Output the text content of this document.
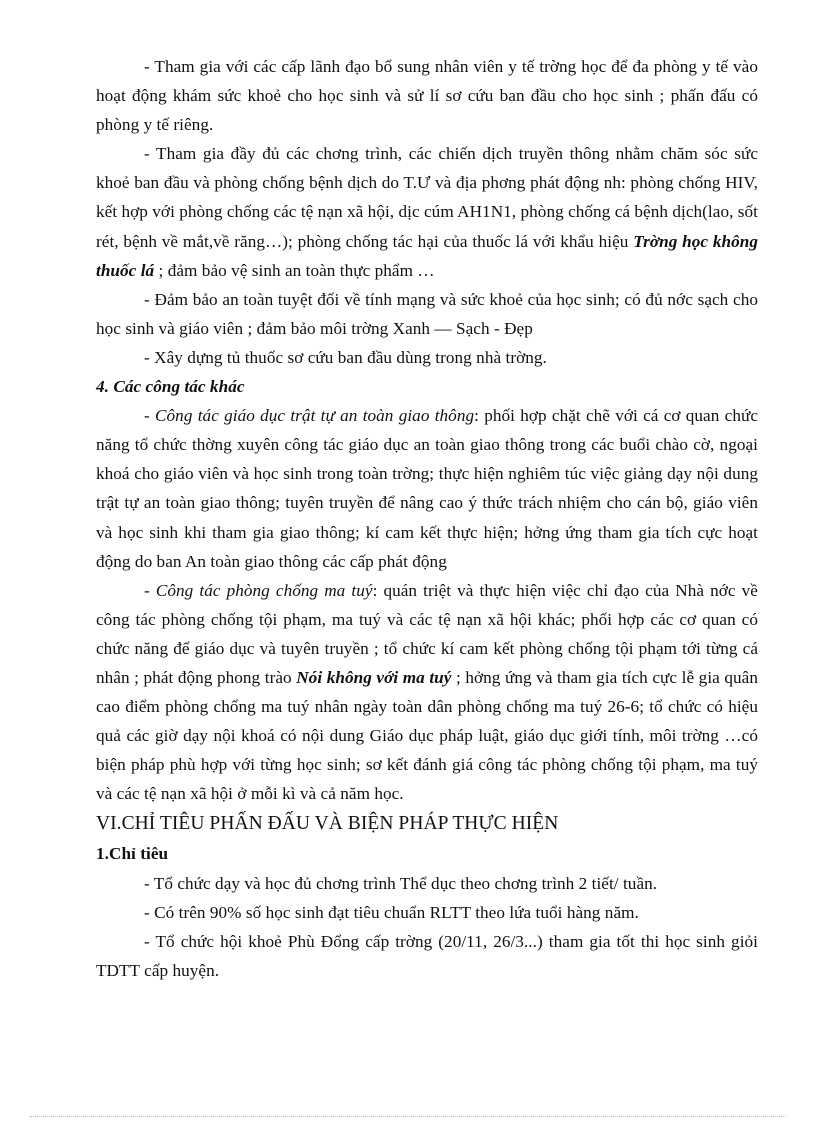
- Tham gia với các cấp lãnh đạo bổ sung nhân viên y tế trờng học để đa phòng y tế vào hoạt động khám sức khoẻ cho học sinh và sử lí sơ cứu ban đầu cho học sinh ; phấn đấu có phòng y tế riêng.

- Tham gia đầy đủ các chơng trình, các chiến dịch truyền thông nhằm chăm sóc sức khoẻ ban đầu và phòng chống bệnh dịch do T.Ư và địa phơng phát động nh: phòng chống HIV, kết hợp với phòng chống các tệ nạn xã hội, dịc cúm AH1N1, phòng chống cá bệnh dịch(lao, sốt rét, bệnh về mắt,về răng…); phòng chống tác hại của thuốc lá với khẩu hiệu Trờng học không thuốc lá ; đảm bảo vệ sinh an toàn thực phẩm …

- Đảm bảo an toàn tuyệt đối về tính mạng và sức khoẻ của học sinh; có đủ nớc sạch cho học sinh và giáo viên ; đảm bảo môi trờng Xanh — Sạch - Đẹp

- Xây dựng tủ thuốc sơ cứu ban đầu dùng trong nhà trờng.

4. Các công tác khác

- Công tác giáo dục trật tự an toàn giao thông: phối hợp chặt chẽ với cá cơ quan chức năng tổ chức thờng xuyên công tác giáo dục an toàn giao thông trong các buổi chào cờ, ngoại khoá cho giáo viên và học sinh trong toàn trờng; thực hiện nghiêm túc việc giảng dạy nội dung trật tự an toàn giao thông; tuyên truyền để nâng cao ý thức trách nhiệm cho cán bộ, giáo viên và học sinh khi tham gia giao thông; kí cam kết thực hiện; hởng ứng tham gia tích cực hoạt động do ban An toàn giao thông các cấp phát động

- Công tác phòng chống ma tuý: quán triệt và thực hiện việc chỉ đạo của Nhà nớc về công tác phòng chống tội phạm, ma tuý và các tệ nạn xã hội khác; phối hợp các cơ quan có chức năng để giáo dục và tuyên truyền ; tổ chức kí cam kết phòng chống tội phạm tới từng cá nhân ; phát động phong trào Nói không với ma tuý ; hởng ứng và tham gia tích cực lễ gia quân cao điểm phòng chống ma tuý nhân ngày toàn dân phòng chống ma tuý 26-6; tổ chức có hiệu quả các giờ dạy nội khoá có nội dung Giáo dục pháp luật, giáo dục giới tính, môi trờng …có biện pháp phù hợp với từng học sinh; sơ kết đánh giá công tác phòng chống tội phạm, ma tuý và các tệ nạn xã hội ở mỗi kì và cả năm học.

VI.CHỈ TIÊU PHẤN ĐẤU VÀ BIỆN PHÁP THỰC HIỆN

1.Chỉ tiêu

- Tổ chức dạy và học đủ chơng trình Thể dục theo chơng trình 2 tiết/ tuần.

- Có trên 90% số học sinh đạt tiêu chuẩn RLTT theo lứa tuổi hàng năm.

- Tổ chức hội khoẻ Phù Đổng cấp trờng (20/11, 26/3...) tham gia tốt thi học sinh giỏi TDTT cấp huyện.
